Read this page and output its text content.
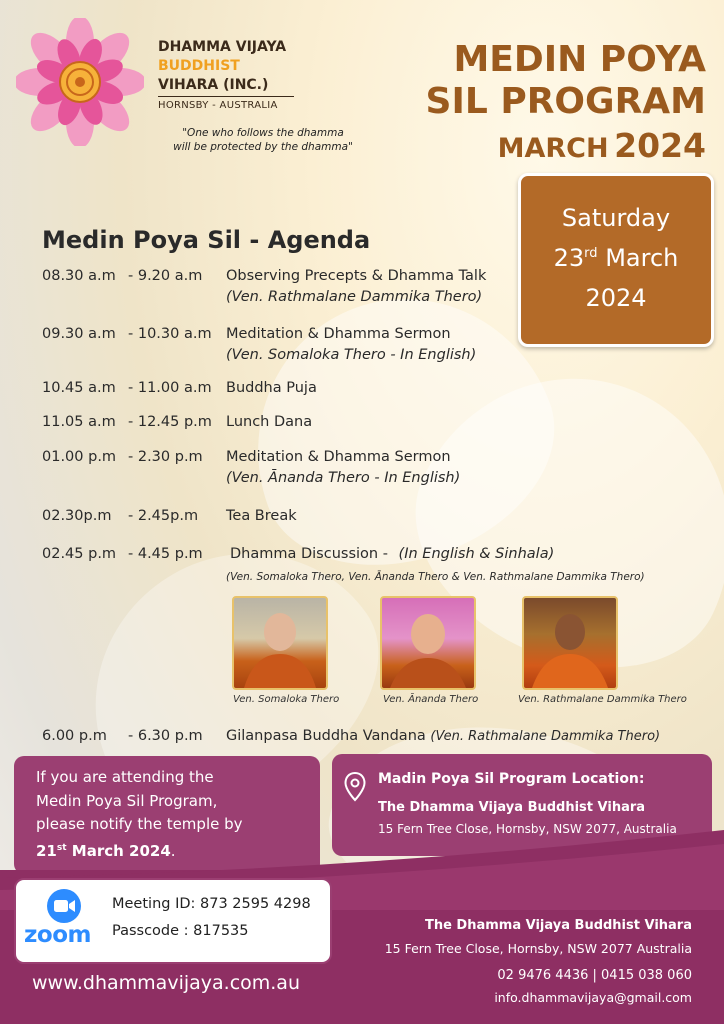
DHAMMA VIJAYA
BUDDHIST
VIHARA (INC.)
HORNSBY - AUSTRALIA
"One who follows the dhamma
will be protected by the dhamma"
MEDIN POYA
SIL PROGRAM
MARCH 2024
Saturday
23rd March
2024
Medin Poya Sil - Agenda
08.30 a.m - 9.20 a.m Observing Precepts & Dhamma Talk
(Ven. Rathmalane Dammika Thero)
09.30 a.m - 10.30 a.m Meditation & Dhamma Sermon
(Ven. Somaloka Thero - In English)
10.45 a.m - 11.00 a.m Buddha Puja
11.05 a.m - 12.45 p.m Lunch Dana
01.00 p.m - 2.30 p.m Meditation & Dhamma Sermon
(Ven. Ānanda Thero - In English)
02.30p.m - 2.45p.m Tea Break
02.45 p.m - 4.45 p.m Dhamma Discussion - (In English & Sinhala)
(Ven. Somaloka Thero, Ven. Ānanda Thero & Ven. Rathmalane Dammika Thero)
Ven. Somaloka Thero	Ven. Ānanda Thero	Ven. Rathmalane Dammika Thero
6.00 p.m - 6.30 p.m Gilanpasa Buddha Vandana (Ven. Rathmalane Dammika Thero)
If you are attending the
Medin Poya Sil Program,
please notify the temple by
21st March 2024.
Madin Poya Sil Program Location:
The Dhamma Vijaya Buddhist Vihara
15 Fern Tree Close, Hornsby, NSW 2077, Australia
zoom
Meeting ID: 873 2595 4298
Passcode : 817535
www.dhammavijaya.com.au
The Dhamma Vijaya Buddhist Vihara
15 Fern Tree Close, Hornsby, NSW 2077 Australia
02 9476 4436 | 0415 038 060
info.dhammavijaya@gmail.com
